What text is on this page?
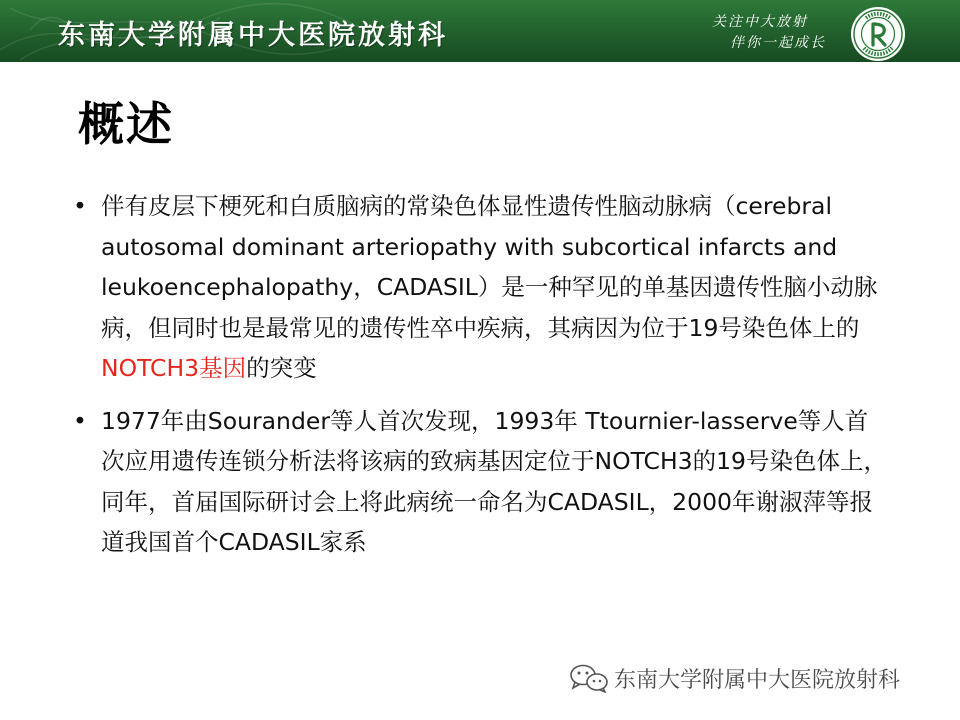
东南大学附属中大医院放射科	关注中大放射
伴你一起成长
概述
• 伴有皮层下梗死和白质脑病的常染色体显性遗传性脑动脉病（cerebral autosomal dominant arteriopathy with subcortical infarcts and leukoencephalopathy，CADASIL）是一种罕见的单基因遗传性脑小动脉病，但同时也是最常见的遗传性卒中疾病，其病因为位于19号染色体上的NOTCH3基因的突变
• 1977年由Sourander等人首次发现，1993年 Ttournier-lasserve等人首次应用遗传连锁分析法将该病的致病基因定位于NOTCH3的19号染色体上，同年，首届国际研讨会上将此病统一命名为CADASIL，2000年谢淑萍等报道我国首个CADASIL家系
东南大学附属中大医院放射科
